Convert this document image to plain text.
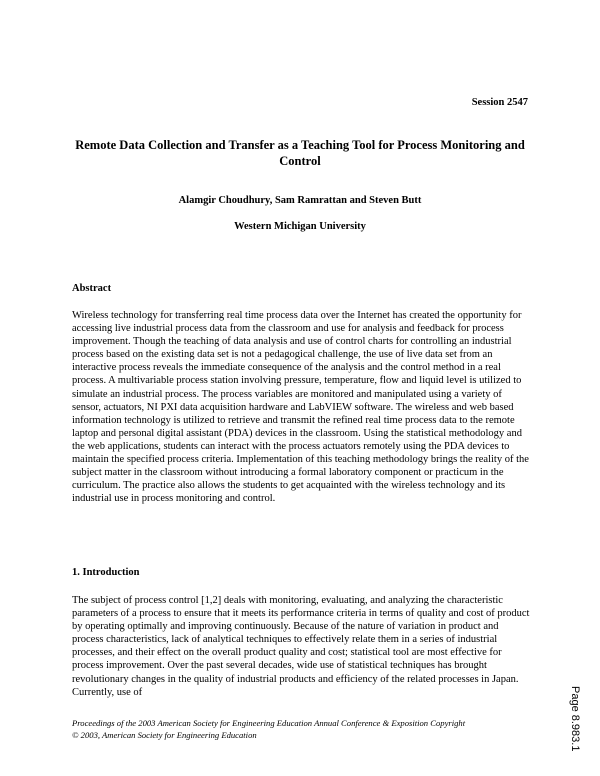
Session 2547
Remote Data Collection and Transfer as a Teaching Tool for Process Monitoring and Control
Alamgir Choudhury, Sam Ramrattan and Steven Butt
Western Michigan University
Abstract

Wireless technology for transferring real time process data over the Internet has created the opportunity for accessing live industrial process data from the classroom and use for analysis and feedback for process improvement. Though the teaching of data analysis and use of control charts for controlling an industrial process based on the existing data set is not a pedagogical challenge, the use of live data set from an interactive process reveals the immediate consequence of the analysis and the control method in a real process. A multivariable process station involving pressure, temperature, flow and liquid level is utilized to simulate an industrial process. The process variables are monitored and manipulated using a variety of sensor, actuators, NI PXI data acquisition hardware and LabVIEW software. The wireless and web based information technology is utilized to retrieve and transmit the refined real time process data to the remote laptop and personal digital assistant (PDA) devices in the classroom. Using the statistical methodology and the web applications, students can interact with the process actuators remotely using the PDA devices to maintain the specified process criteria. Implementation of this teaching methodology brings the reality of the subject matter in the classroom without introducing a formal laboratory component or practicum in the curriculum. The practice also allows the students to get acquainted with the wireless technology and its industrial use in process monitoring and control.

1. Introduction

The subject of process control [1,2] deals with monitoring, evaluating, and analyzing the characteristic parameters of a process to ensure that it meets its performance criteria in terms of quality and cost of product by operating optimally and improving continuously. Because of the nature of variation in product and process characteristics, lack of analytical techniques to effectively relate them in a series of industrial processes, and their effect on the overall product quality and cost; statistical tool are most effective for process improvement. Over the past several decades, wide use of statistical techniques has brought revolutionary changes in the quality of industrial products and efficiency of the related processes in Japan. Currently, use of

Proceedings of the 2003 American Society for Engineering Education Annual Conference & Exposition Copyright
© 2003, American Society for Engineering Education	Page 8.983.1
